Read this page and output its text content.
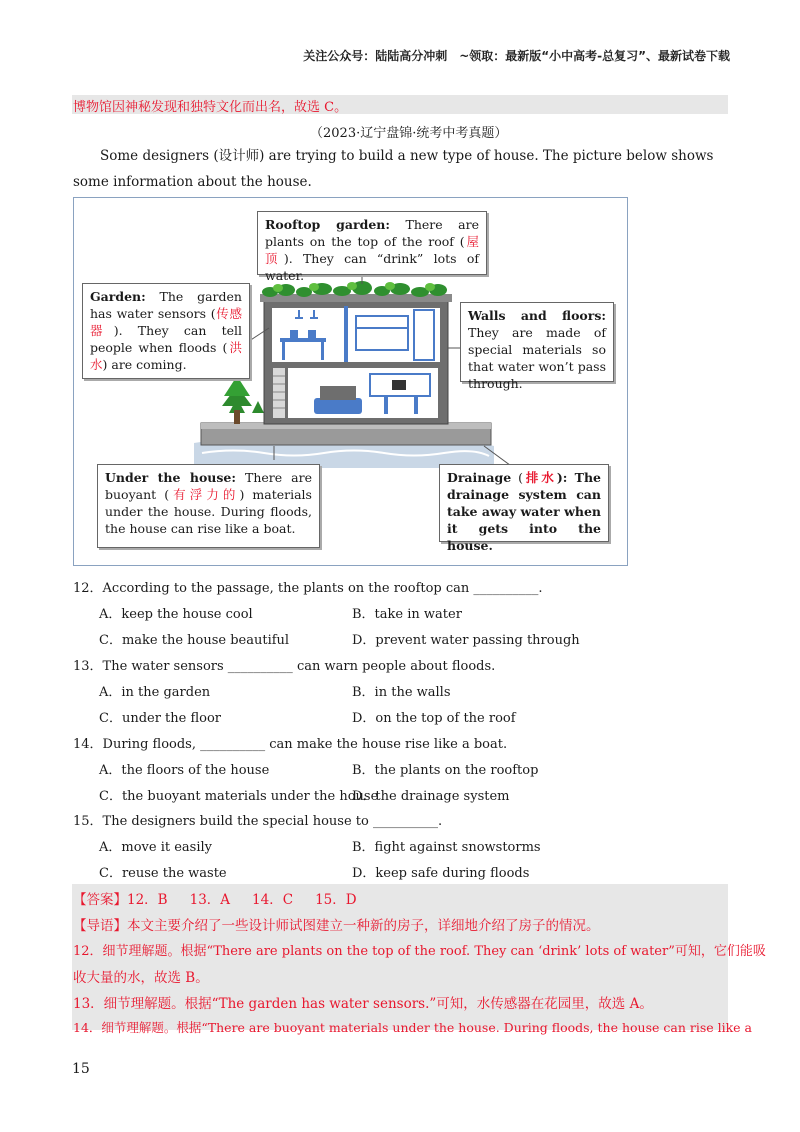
关注公众号：陆陆高分冲刺　~领取：最新版“小中高考-总复习”、最新试卷下载
博物馆因神秘发现和独特文化而出名，故选 C。
（2023·辽宁盘锦·统考中考真题）
Some designers (设计师) are trying to build a new type of house. The picture below shows some information about the house.
Rooftop garden: There are plants on the top of the roof (屋顶). They can “drink” lots of water.
Garden: The garden has water sensors (传感器). They can tell people when floods (洪水) are coming.
Walls and floors: They are made of special materials so that water won’t pass through.
Under the house: There are buoyant (有浮力的) materials under the house. During floods, the house can rise like a boat.
Drainage (排水): The drainage system can take away water when it gets into the house.
12．According to the passage, the plants on the rooftop can __________.
A．keep the house cool	B．take in water
C．make the house beautiful	D．prevent water passing through
13．The water sensors __________ can warn people about floods.
A．in the garden	B．in the walls
C．under the floor	D．on the top of the roof
14．During floods, __________ can make the house rise like a boat.
A．the floors of the house	B．the plants on the rooftop
C．the buoyant materials under the house
D．the drainage system
15．The designers build the special house to __________.
A．move it easily	B．fight against snowstorms
C．reuse the waste	D．keep safe during floods
【答案】12．B 13．A 14．C 15．D
【导语】本文主要介绍了一些设计师试图建立一种新的房子，详细地介绍了房子的情况。
12．细节理解题。根据“There are plants on the top of the roof. They can ‘drink’ lots of water”可知，它们能吸
收大量的水，故选 B。
13．细节理解题。根据“The garden has water sensors.”可知，水传感器在花园里，故选 A。
14．细节理解题。根据“There are buoyant materials under the house. During floods, the house can rise like a
15
